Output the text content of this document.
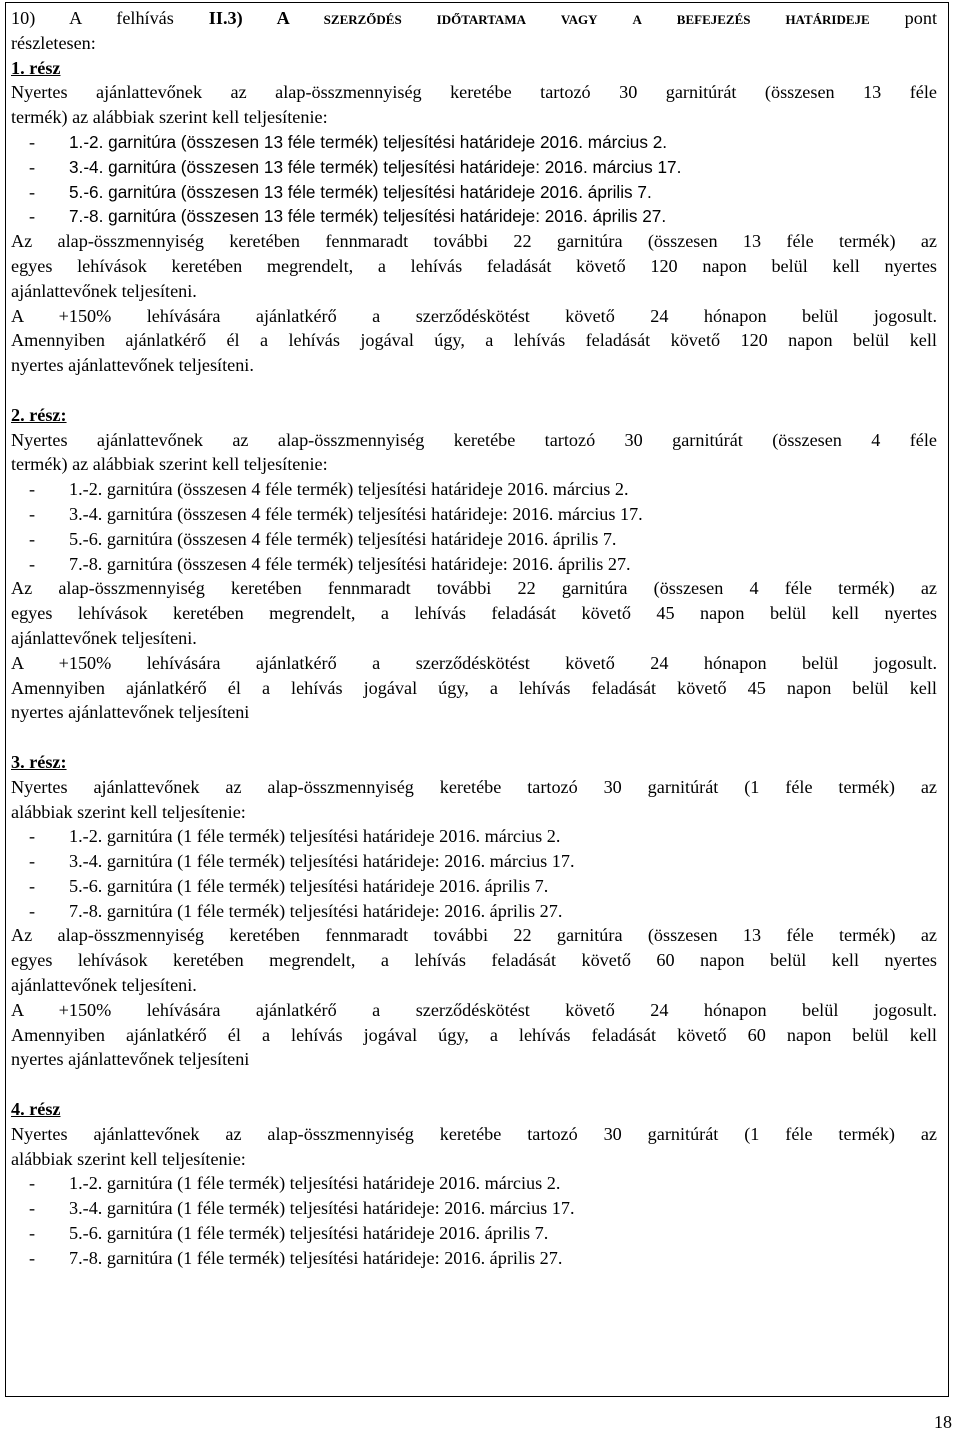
10) A felhívás II.3) A szerződés időtartama vagy a befejezés határideje pont
részletesen:
1. rész
Nyertes ajánlattevőnek az alap-összmennyiség keretébe tartozó 30 garnitúrát (összesen 13 féle
termék) az alábbiak szerint kell teljesítenie:
-	1.-2. garnitúra (összesen 13 féle termék) teljesítési határideje 2016. március 2.
-	3.-4. garnitúra (összesen 13 féle termék) teljesítési határideje: 2016. március 17.
-	5.-6. garnitúra (összesen 13 féle termék) teljesítési határideje 2016. április 7.
-	7.-8. garnitúra (összesen 13 féle termék) teljesítési határideje: 2016. április 27.
Az alap-összmennyiség keretében fennmaradt további 22 garnitúra (összesen 13 féle termék) az
egyes lehívások keretében megrendelt, a lehívás feladását követő 120 napon belül kell nyertes
ajánlattevőnek teljesíteni.
A +150% lehívására ajánlatkérő a szerződéskötést követő 24 hónapon belül jogosult.
Amennyiben ajánlatkérő él a lehívás jogával úgy, a lehívás feladását követő 120 napon belül kell
nyertes ajánlattevőnek teljesíteni.
2. rész:
Nyertes ajánlattevőnek az alap-összmennyiség keretébe tartozó 30 garnitúrát (összesen 4 féle
termék) az alábbiak szerint kell teljesítenie:
-	1.-2. garnitúra (összesen 4 féle termék) teljesítési határideje 2016. március 2.
-	3.-4. garnitúra (összesen 4 féle termék) teljesítési határideje: 2016. március 17.
-	5.-6. garnitúra (összesen 4 féle termék) teljesítési határideje 2016. április 7.
-	7.-8. garnitúra (összesen 4 féle termék) teljesítési határideje: 2016. április 27.
Az alap-összmennyiség keretében fennmaradt további 22 garnitúra (összesen 4 féle termék) az
egyes lehívások keretében megrendelt, a lehívás feladását követő 45 napon belül kell nyertes
ajánlattevőnek teljesíteni.
A +150% lehívására ajánlatkérő a szerződéskötést követő 24 hónapon belül jogosult.
Amennyiben ajánlatkérő él a lehívás jogával úgy, a lehívás feladását követő 45 napon belül kell
nyertes ajánlattevőnek teljesíteni
3. rész:
Nyertes ajánlattevőnek az alap-összmennyiség keretébe tartozó 30 garnitúrát (1 féle termék) az
alábbiak szerint kell teljesítenie:
-	1.-2. garnitúra (1 féle termék) teljesítési határideje 2016. március 2.
-	3.-4. garnitúra (1 féle termék) teljesítési határideje: 2016. március 17.
-	5.-6. garnitúra (1 féle termék) teljesítési határideje 2016. április 7.
-	7.-8. garnitúra (1 féle termék) teljesítési határideje: 2016. április 27.
Az alap-összmennyiség keretében fennmaradt további 22 garnitúra (összesen 13 féle termék) az
egyes lehívások keretében megrendelt, a lehívás feladását követő 60 napon belül kell nyertes
ajánlattevőnek teljesíteni.
A +150% lehívására ajánlatkérő a szerződéskötést követő 24 hónapon belül jogosult.
Amennyiben ajánlatkérő él a lehívás jogával úgy, a lehívás feladását követő 60 napon belül kell
nyertes ajánlattevőnek teljesíteni
4. rész
Nyertes ajánlattevőnek az alap-összmennyiség keretébe tartozó 30 garnitúrát (1 féle termék) az
alábbiak szerint kell teljesítenie:
-	1.-2. garnitúra (1 féle termék) teljesítési határideje 2016. március 2.
-	3.-4. garnitúra (1 féle termék) teljesítési határideje: 2016. március 17.
-	5.-6. garnitúra (1 féle termék) teljesítési határideje 2016. április 7.
-	7.-8. garnitúra (1 féle termék) teljesítési határideje: 2016. április 27.
18
